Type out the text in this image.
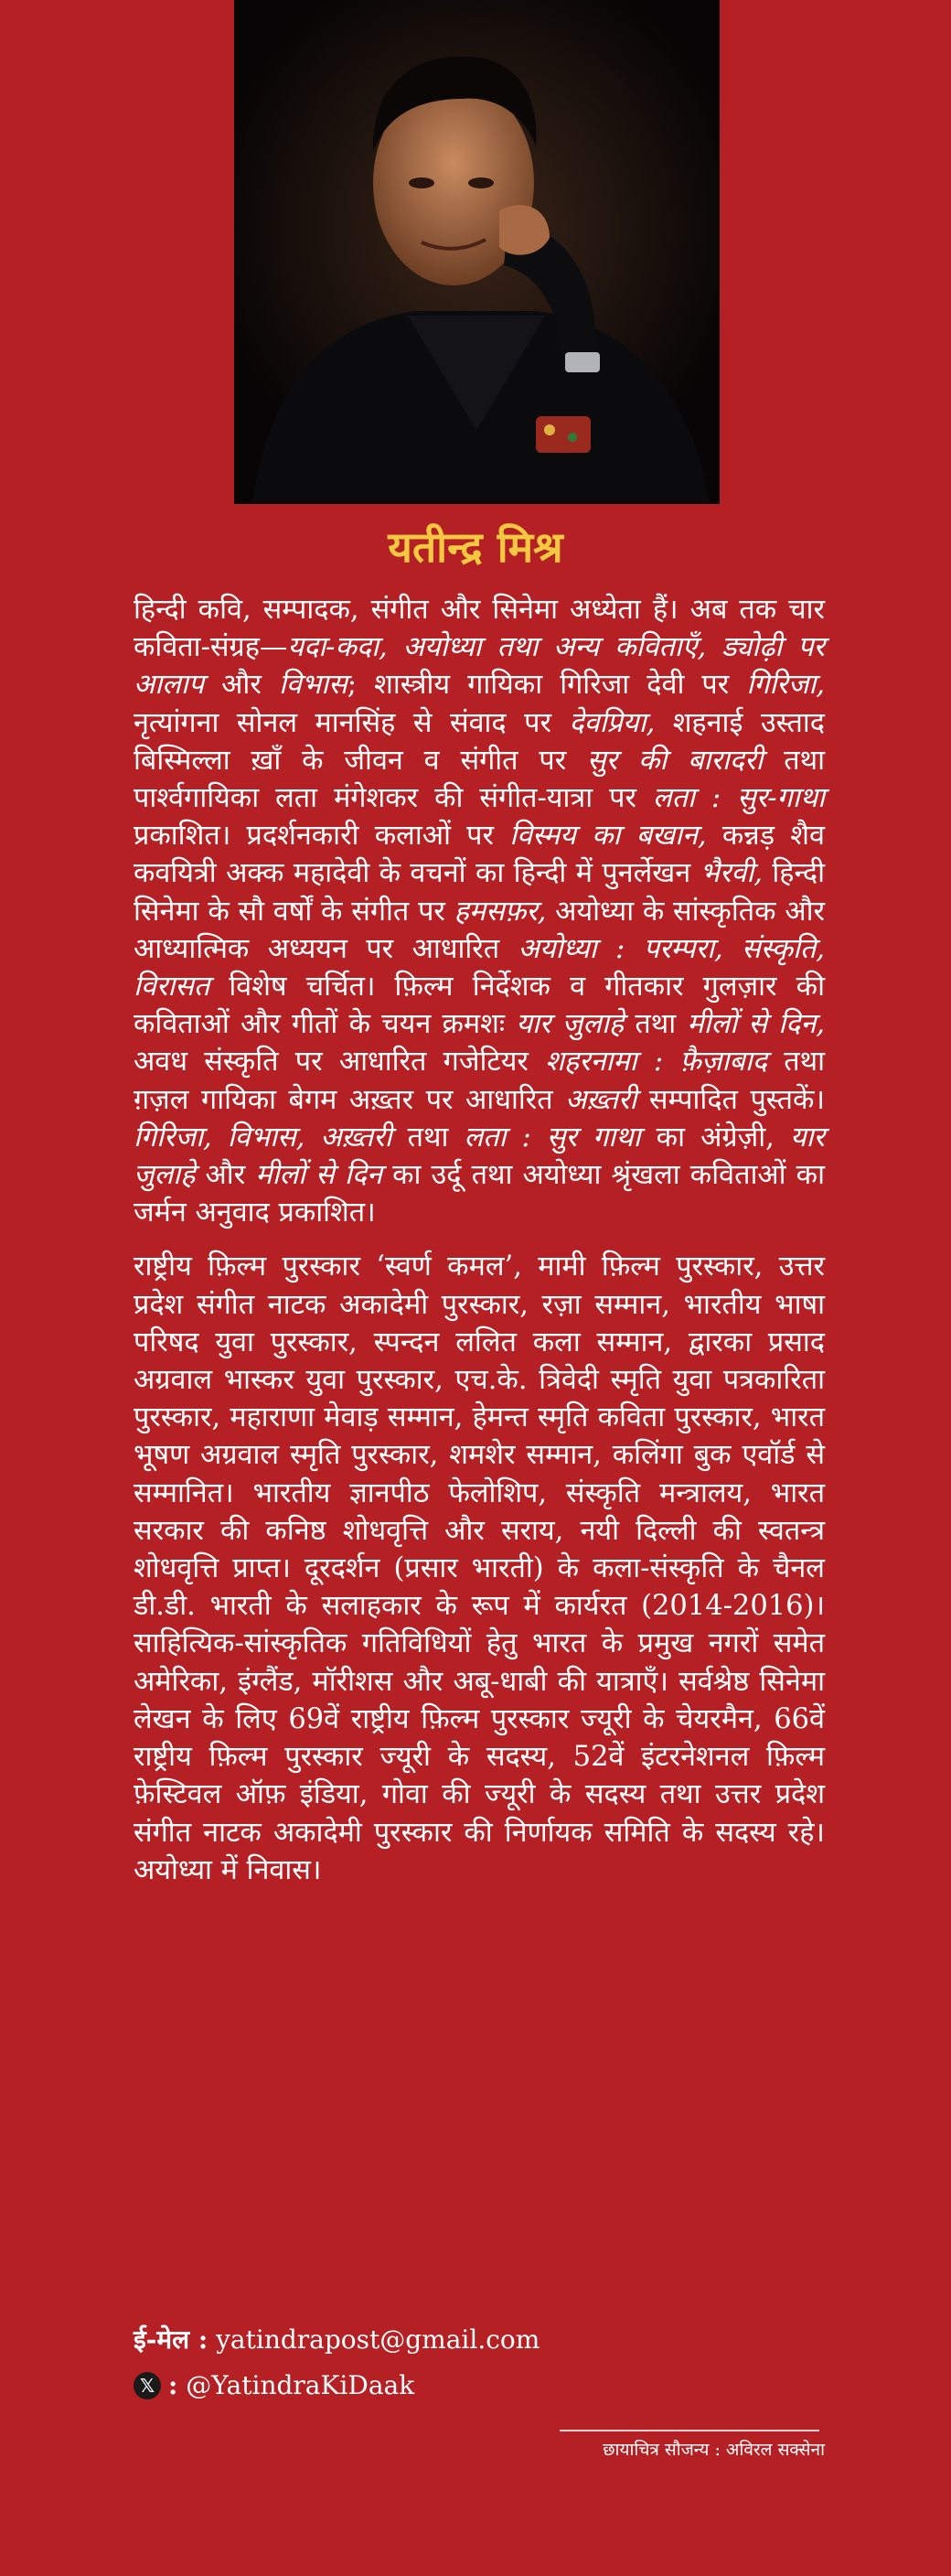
यतीन्द्र मिश्र

हिन्दी कवि, सम्पादक, संगीत और सिनेमा अध्येता हैं। अब तक चार कविता-संग्रह—यदा-कदा, अयोध्या तथा अन्य कविताएँ, ड्योढ़ी पर आलाप और विभास; शास्त्रीय गायिका गिरिजा देवी पर गिरिजा, नृत्यांगना सोनल मानसिंह से संवाद पर देवप्रिया, शहनाई उस्ताद बिस्मिल्ला ख़ाँ के जीवन व संगीत पर सुर की बारादरी तथा पार्श्वगायिका लता मंगेशकर की संगीत-यात्रा पर लता : सुर-गाथा प्रकाशित। प्रदर्शनकारी कलाओं पर विस्मय का बखान, कन्नड़ शैव कवयित्री अक्क महादेवी के वचनों का हिन्दी में पुनर्लेखन भैरवी, हिन्दी सिनेमा के सौ वर्षों के संगीत पर हमसफ़र, अयोध्या के सांस्कृतिक और आध्यात्मिक अध्ययन पर आधारित अयोध्या : परम्परा, संस्कृति, विरासत विशेष चर्चित। फ़िल्म निर्देशक व गीतकार गुलज़ार की कविताओं और गीतों के चयन क्रमशः यार जुलाहे तथा मीलों से दिन, अवध संस्कृति पर आधारित गजेटियर शहरनामा : फ़ैज़ाबाद तथा ग़ज़ल गायिका बेगम अख़्तर पर आधारित अख़्तरी सम्पादित पुस्तकें। गिरिजा, विभास, अख़्तरी तथा लता : सुर गाथा का अंग्रेज़ी, यार जुलाहे और मीलों से दिन का उर्दू तथा अयोध्या श्रृंखला कविताओं का जर्मन अनुवाद प्रकाशित।

राष्ट्रीय फ़िल्म पुरस्कार ‘स्वर्ण कमल’, मामी फ़िल्म पुरस्कार, उत्तर प्रदेश संगीत नाटक अकादेमी पुरस्कार, रज़ा सम्मान, भारतीय भाषा परिषद युवा पुरस्कार, स्पन्दन ललित कला सम्मान, द्वारका प्रसाद अग्रवाल भास्कर युवा पुरस्कार, एच.के. त्रिवेदी स्मृति युवा पत्रकारिता पुरस्कार, महाराणा मेवाड़ सम्मान, हेमन्त स्मृति कविता पुरस्कार, भारत भूषण अग्रवाल स्मृति पुरस्कार, शमशेर सम्मान, कलिंगा बुक एवॉर्ड से सम्मानित। भारतीय ज्ञानपीठ फेलोशिप, संस्कृति मन्त्रालय, भारत सरकार की कनिष्ठ शोधवृत्ति और सराय, नयी दिल्ली की स्वतन्त्र शोधवृत्ति प्राप्त। दूरदर्शन (प्रसार भारती) के कला-संस्कृति के चैनल डी.डी. भारती के सलाहकार के रूप में कार्यरत (2014-2016)। साहित्यिक-सांस्कृतिक गतिविधियों हेतु भारत के प्रमुख नगरों समेत अमेरिका, इंग्लैंड, मॉरीशस और अबू-धाबी की यात्राएँ। सर्वश्रेष्ठ सिनेमा लेखन के लिए 69वें राष्ट्रीय फ़िल्म पुरस्कार ज्यूरी के चेयरमैन, 66वें राष्ट्रीय फ़िल्म पुरस्कार ज्यूरी के सदस्य, 52वें इंटरनेशनल फ़िल्म फ़ेस्टिवल ऑफ़ इंडिया, गोवा की ज्यूरी के सदस्य तथा उत्तर प्रदेश संगीत नाटक अकादेमी पुरस्कार की निर्णायक समिति के सदस्य रहे। अयोध्या में निवास।

ई-मेल :
yatindrapost@gmail.com
𝕏 :
@YatindraKiDaak
छायाचित्र सौजन्य : अविरल सक्सेना
